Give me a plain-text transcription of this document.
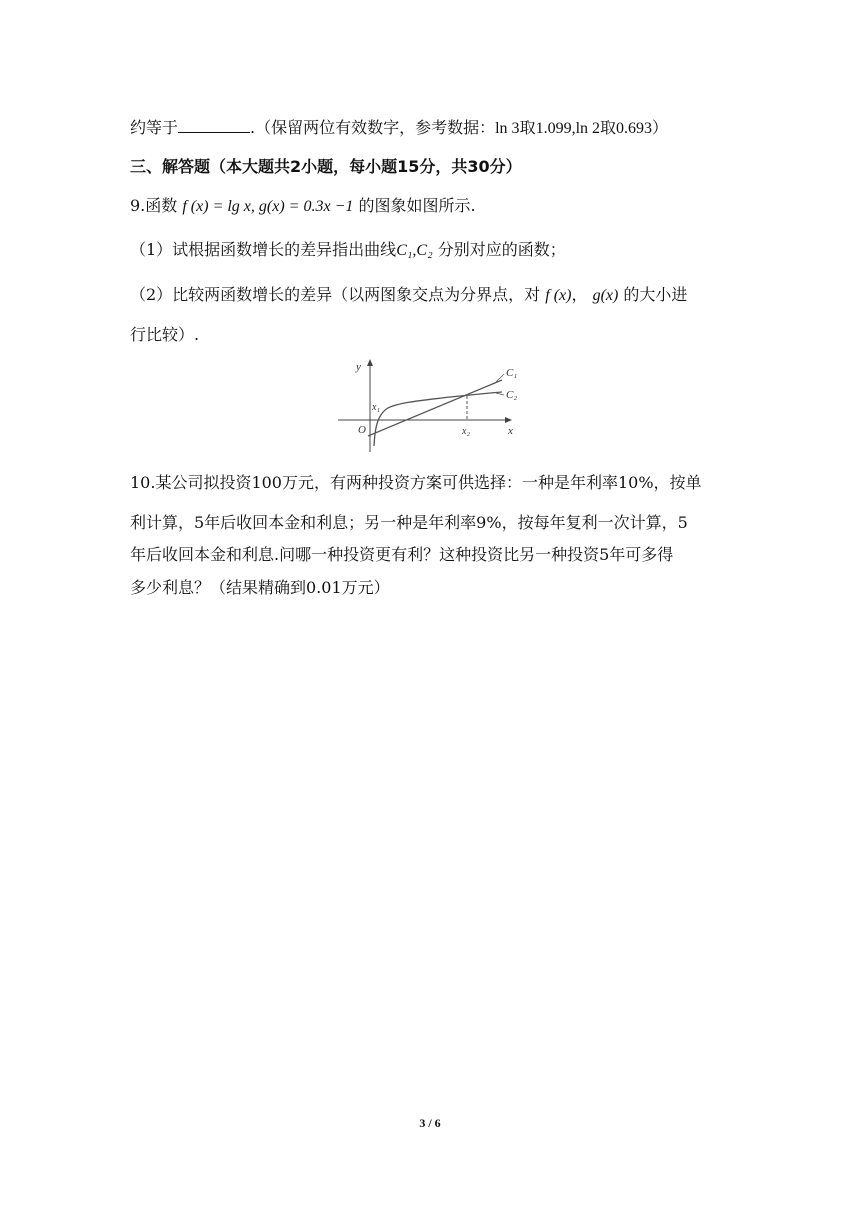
约等于	.（保留两位有效数字，参考数据：ln 3取1.099,ln 2取0.693）
三、解答题（本大题共2小题，每小题15分，共30分）
9.函数 f (x) = lg x, g(x) = 0.3x −1 的图象如图所示.
（1）试根据函数增长的差异指出曲线C₁,C₂ 分别对应的函数；
（2）比较两函数增长的差异（以两图象交点为分界点，对 f (x)， g(x) 的大小进
行比较）.
y
x
O
x₁
x₂
C₁
C₂
10.某公司拟投资100万元，有两种投资方案可供选择：一种是年利率10%，按单
利计算，5年后收回本金和利息；另一种是年利率9%，按每年复利一次计算，5
年后收回本金和利息.问哪一种投资更有利？这种投资比另一种投资5年可多得
多少利息？（结果精确到0.01万元）
3 / 6
